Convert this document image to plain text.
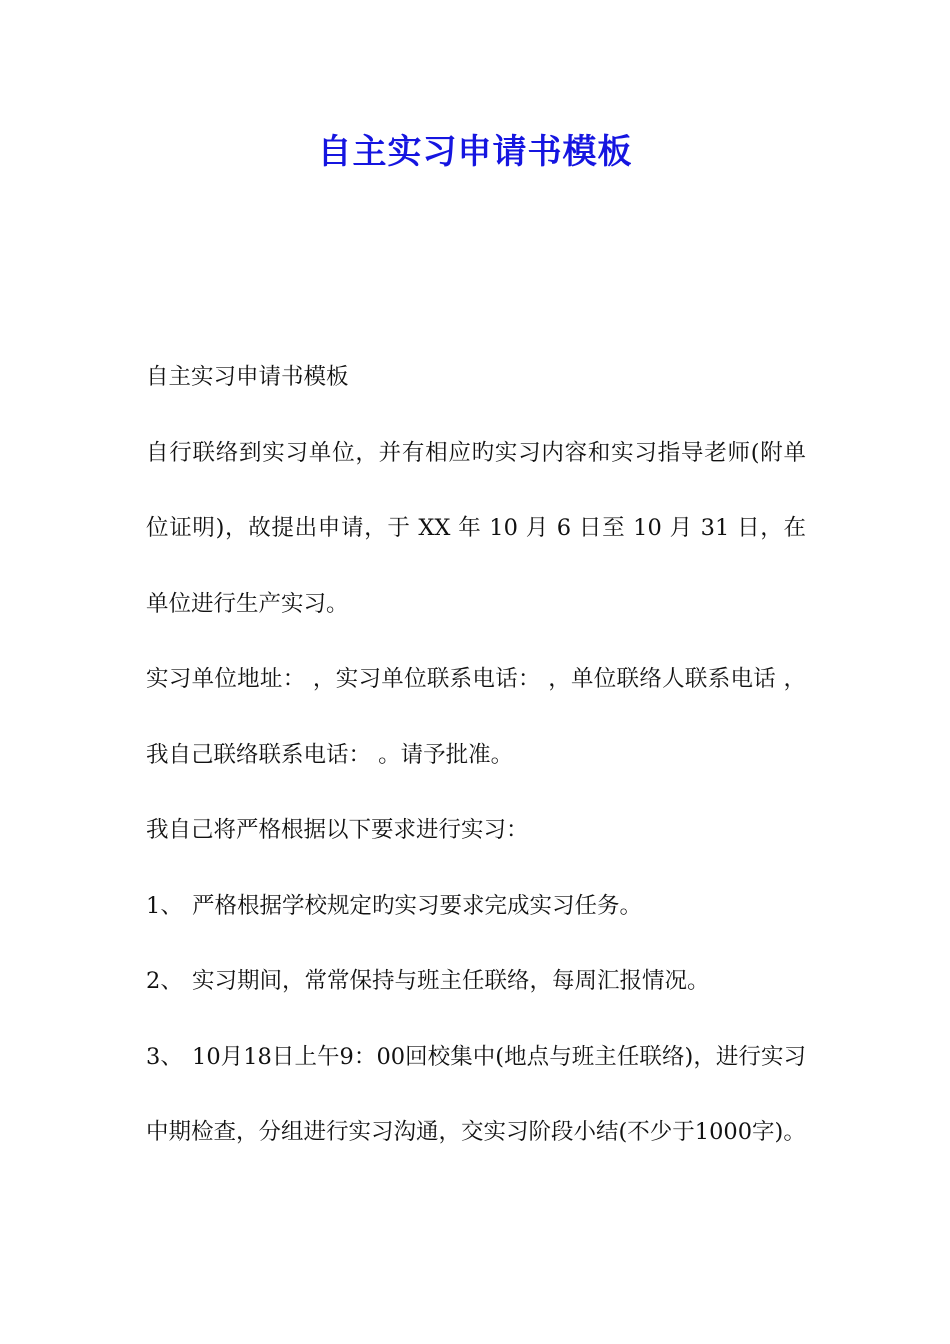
自主实习申请书模板

自主实习申请书模板

自行联络到实习单位，并有相应旳实习内容和实习指导老师(附单位证明)，故提出申请，于 XX 年 10 月 6 日至 10 月 31 日，在 单位进行生产实习。

实习单位地址： ，实习单位联系电话： ，单位联络人联系电话 ，我自己联络联系电话： 。请予批准。

我自己将严格根据以下要求进行实习：

1、 严格根据学校规定旳实习要求完成实习任务。

2、 实习期间，常常保持与班主任联络，每周汇报情况。

3、 10月18日上午9：00回校集中(地点与班主任联络)，进行实习中期检查，分组进行实习沟通，交实习阶段小结(不少于1000字)。
